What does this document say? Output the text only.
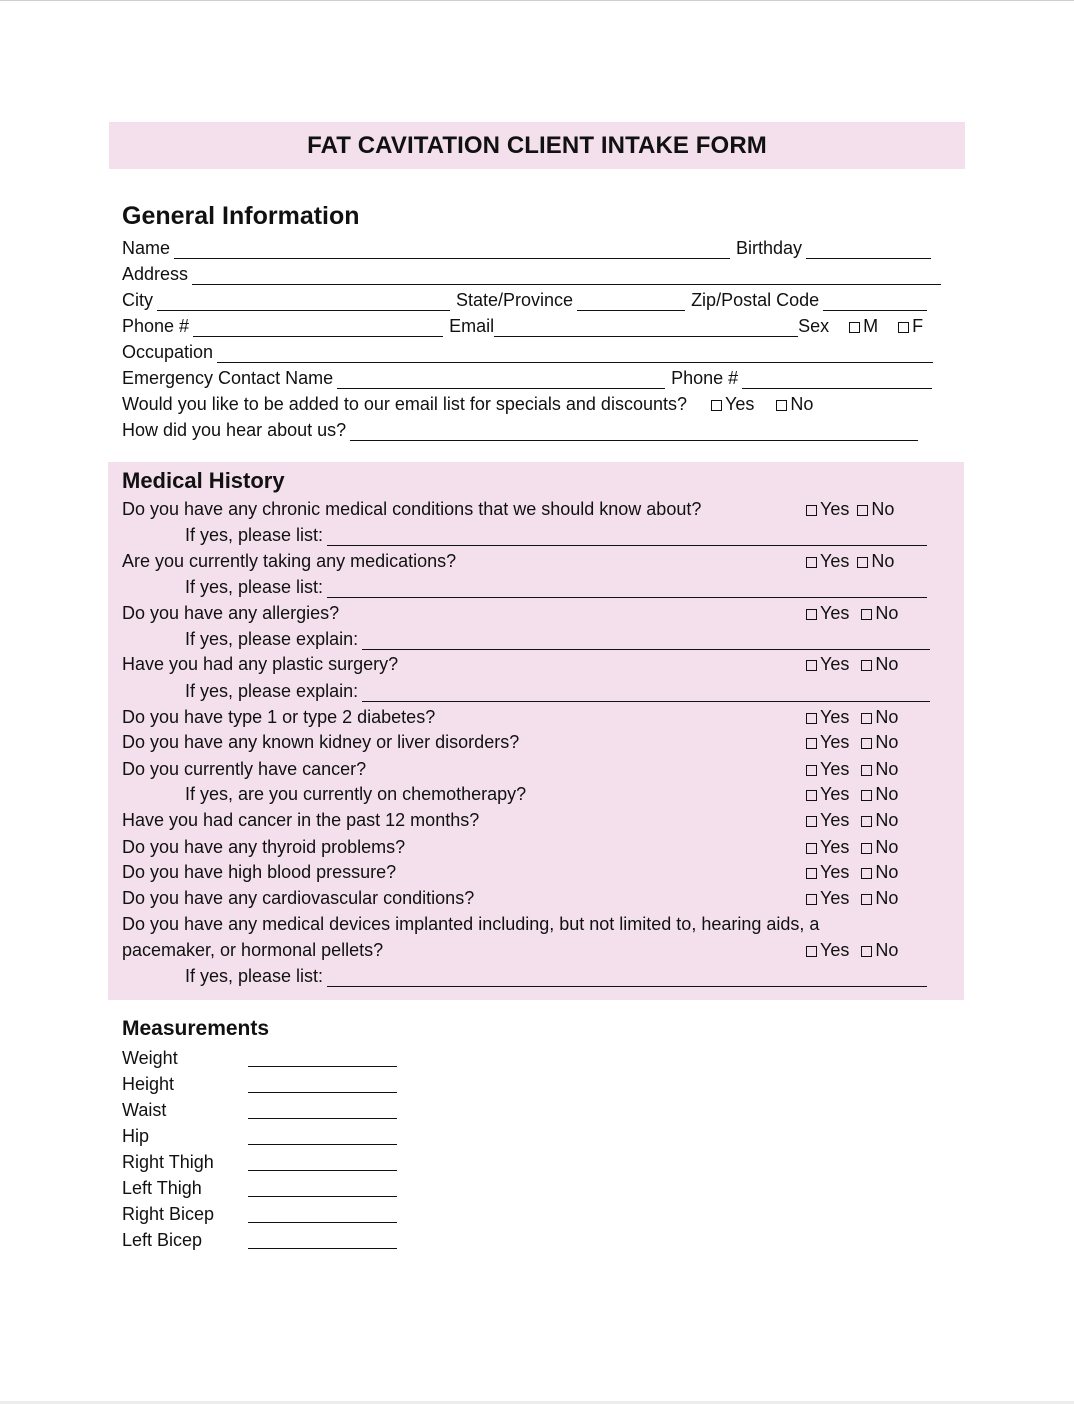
FAT CAVITATION CLIENT INTAKE FORM
General Information
Name	Birthday
Address
City	State/Province	Zip/Postal Code
Phone #	Email	Sex M F
Occupation
Emergency Contact Name	Phone #
Would you like to be added to our email list for specials and discounts? Yes No
How did you hear about us?
Medical History
Do you have any chronic medical conditions that we should know about?	Yes No
If yes, please list:
Are you currently taking any medications?	Yes No
If yes, please list:
Do you have any allergies?	Yes No
If yes, please explain:
Have you had any plastic surgery?	Yes No
If yes, please explain:
Do you have type 1 or type 2 diabetes?	Yes No
Do you have any known kidney or liver disorders?	Yes No
Do you currently have cancer?	Yes No
If yes, are you currently on chemotherapy?	Yes No
Have you had cancer in the past 12 months?	Yes No
Do you have any thyroid problems?	Yes No
Do you have high blood pressure?	Yes No
Do you have any cardiovascular conditions?	Yes No
Do you have any medical devices implanted including, but not limited to, hearing aids, a
pacemaker, or hormonal pellets?	Yes No
If yes, please list:
Measurements
Weight
Height
Waist
Hip
Right Thigh
Left Thigh
Right Bicep
Left Bicep
